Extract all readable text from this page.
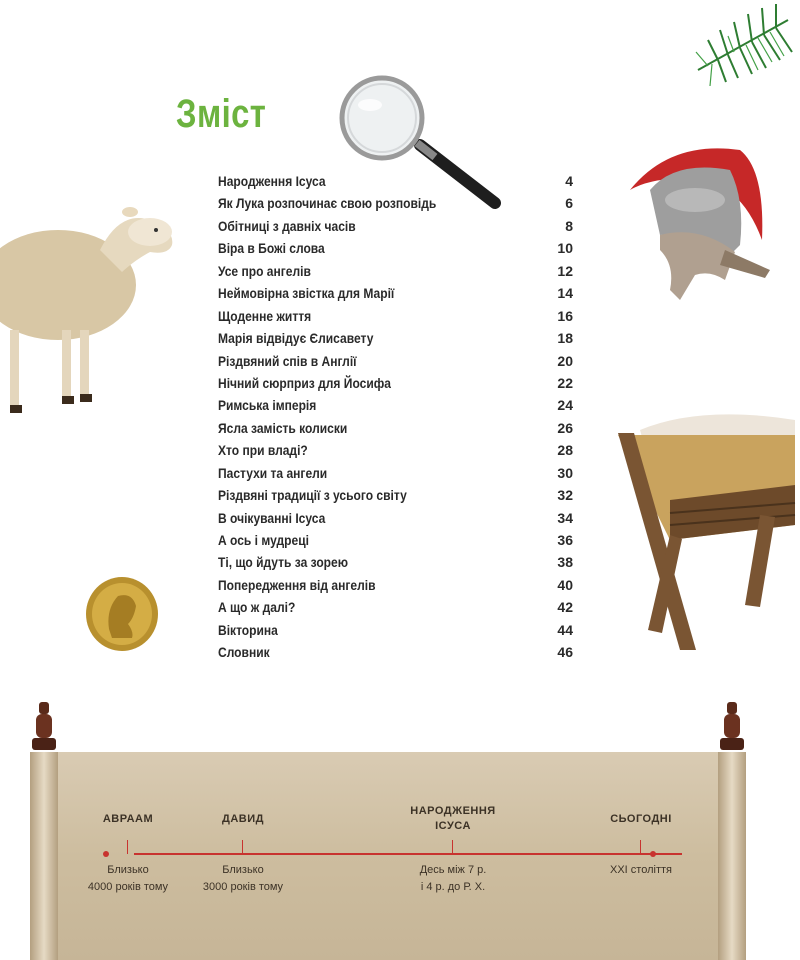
Зміст
Народження Ісуса	4
Як Лука розпочинає свою розповідь	6
Обітниці з давніх часів	8
Віра в Божі слова	10
Усе про ангелів	12
Неймовірна звістка для Марії	14
Щоденне життя	16
Марія відвідує Єлисавету	18
Різдвяний спів в Англії	20
Нічний сюрприз для Йосифа	22
Римська імперія	24
Ясла замість колиски	26
Хто при владі?	28
Пастухи та ангели	30
Різдвяні традиції з усього світу	32
В очікуванні Ісуса	34
А ось і мудреці	36
Ті, що йдуть за зорею	38
Попередження від ангелів	40
А що ж далі?	42
Вікторина	44
Словник	46
АВРААМ
Близько
4000 років тому
ДАВИД
Близько
3000 років тому
НАРОДЖЕННЯ
ІСУСА
Десь між 7 р.
і 4 р. до Р. Х.
СЬОГОДНІ
XXI століття
